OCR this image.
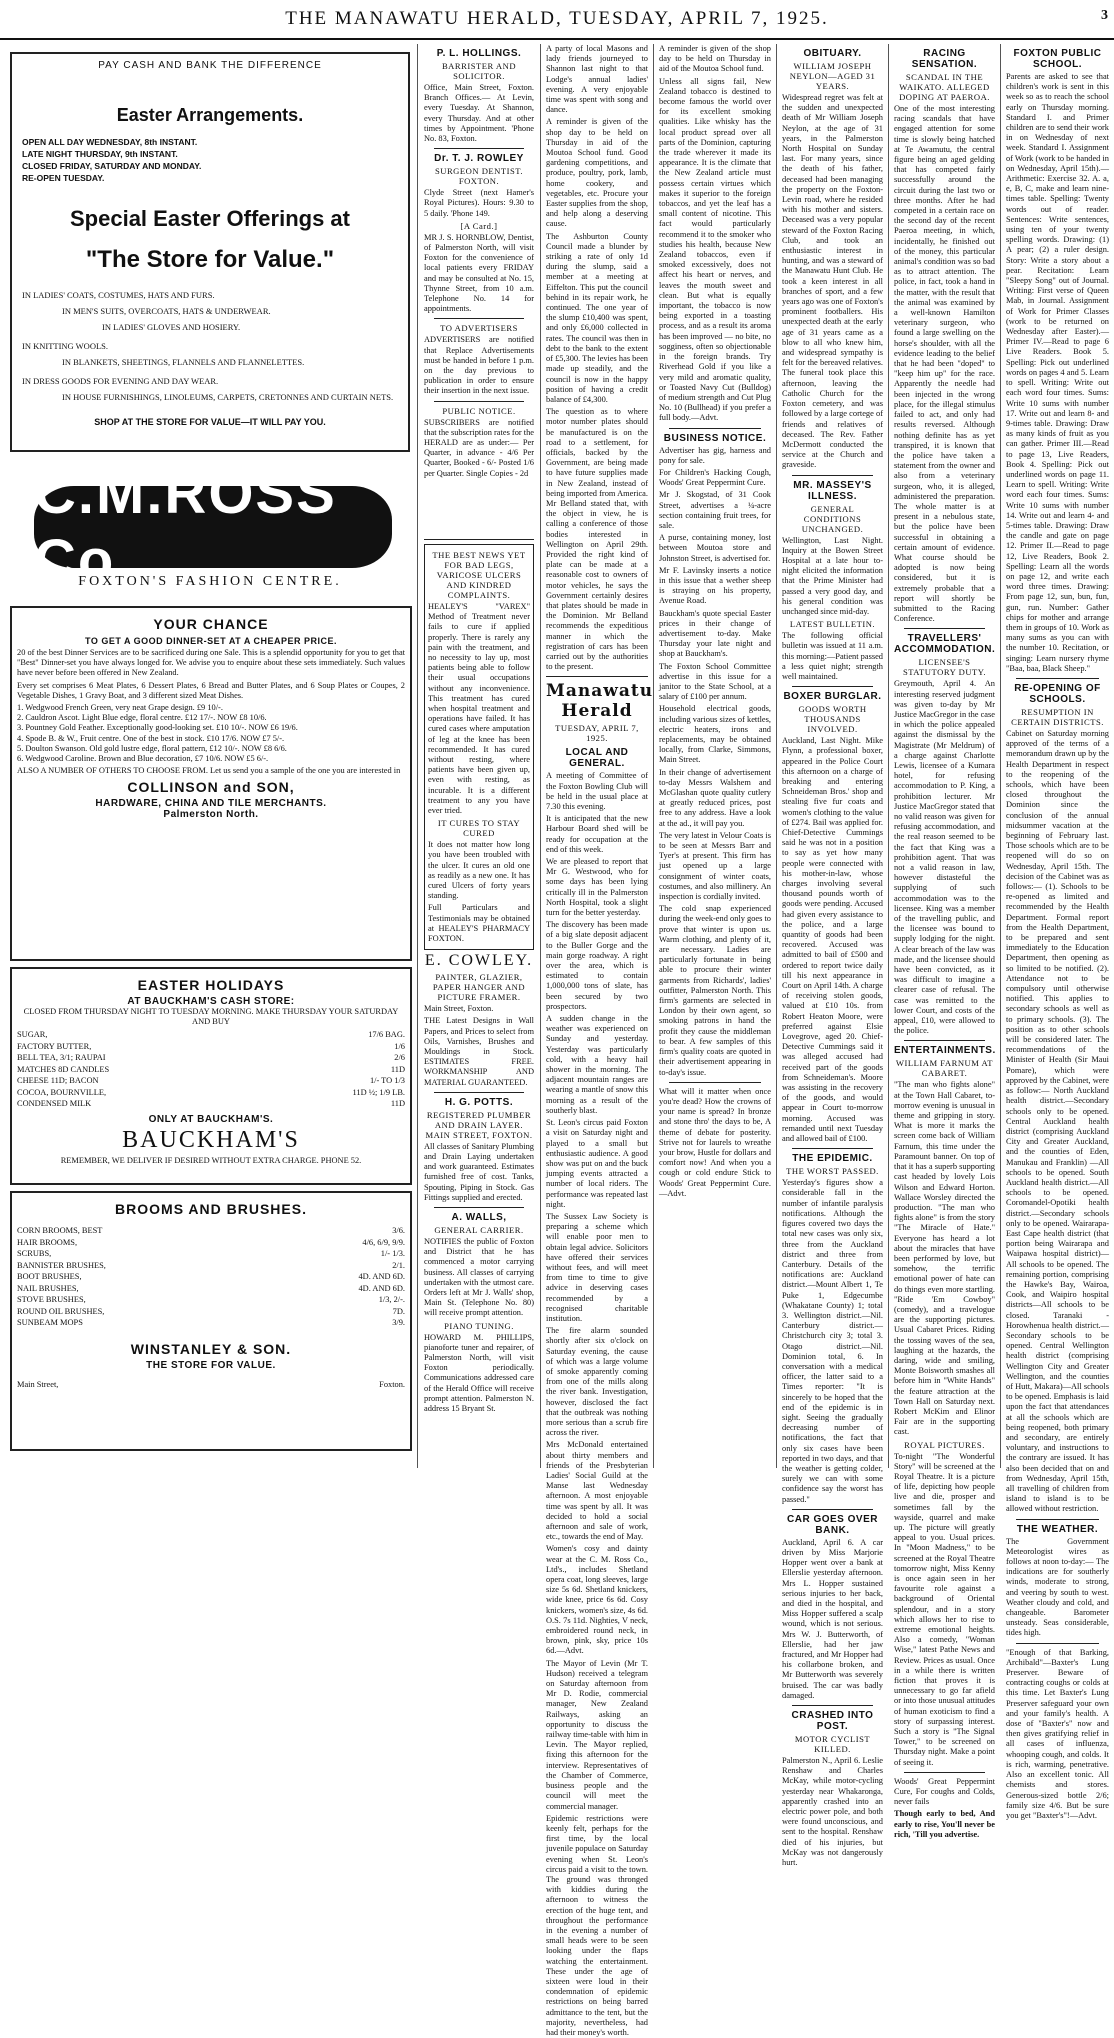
THE MANAWATU HERALD, TUESDAY, APRIL 7, 1925.	3
PAY CASH AND BANK THE DIFFERENCE
Easter Arrangements.
OPEN ALL DAY WEDNESDAY, 8th INSTANT.
LATE NIGHT THURSDAY, 9th INSTANT.
CLOSED FRIDAY, SATURDAY AND MONDAY.
RE-OPEN TUESDAY.
Special Easter Offerings at
"The Store for Value."
IN LADIES' COATS, COSTUMES, HATS AND FURS.
IN MEN'S SUITS, OVERCOATS, HATS & UNDERWEAR.
IN LADIES' GLOVES AND HOSIERY.
IN KNITTING WOOLS.
IN BLANKETS, SHEETINGS, FLANNELS AND FLANNELETTES.
IN DRESS GOODS FOR EVENING AND DAY WEAR.
IN HOUSE FURNISHINGS, LINOLEUMS, CARPETS, CRETONNES AND CURTAIN NETS.
SHOP AT THE STORE FOR VALUE—IT WILL PAY YOU.
C.M.ROSS Co
FOXTON'S FASHION CENTRE.
YOUR CHANCE
TO GET A GOOD DINNER-SET AT A CHEAPER PRICE.

20 of the best Dinner Services are to be sacrificed during one Sale. This is a splendid opportunity for you to get that "Best" Dinner-set you have always longed for. We advise you to enquire about these sets immediately. Such values have never before been offered in New Zealand.

Every set comprises 6 Meat Plates, 6 Dessert Plates, 6 Bread and Butter Plates, and 6 Soup Plates or Coupes, 2 Vegetable Dishes, 1 Gravy Boat, and 3 different sized Meat Dishes.

1. Wedgwood French Green, very neat Grape design. £9 10/-.

2. Cauldron Ascot. Light Blue edge, floral centre. £12 17/-. NOW £8 10/6.

3. Pountney Gold Feather. Exceptionally good-looking set. £10 10/-. NOW £6 19/6.

4. Spode B. & W., Fruit centre. One of the best in stock. £10 17/6. NOW £7 5/-.

5. Doulton Swanson. Old gold lustre edge, floral pattern, £12 10/-. NOW £8 6/6.

6. Wedgwood Caroline. Brown and Blue decoration, £7 10/6. NOW £5 6/-.

ALSO A NUMBER OF OTHERS TO CHOOSE FROM. Let us send you a sample of the one you are interested in

COLLINSON and SON,
HARDWARE, CHINA AND TILE MERCHANTS.
Palmerston North.
EASTER HOLIDAYS
AT BAUCKHAM'S CASH STORE:

CLOSED FROM THURSDAY NIGHT TO TUESDAY MORNING. MAKE THURSDAY YOUR SATURDAY AND BUY

SUGAR,	17/6 BAG.
FACTORY BUTTER,	1/6
BELL TEA, 3/1; RAUPAI	2/6
MATCHES 8D CANDLES	11D
CHEESE 11D; BACON	1/- TO 1/3
COCOA, BOURNVILLE,	11D ½; 1/9 LB.
CONDENSED MILK	11D
ONLY AT BAUCKHAM'S.
BAUCKHAM'S

REMEMBER, WE DELIVER IF DESIRED WITHOUT EXTRA CHARGE. PHONE 52.

BROOMS AND BRUSHES.
CORN BROOMS, BEST	3/6.
HAIR BROOMS,	4/6, 6/9, 9/9.
SCRUBS,	1/- 1/3.
BANNISTER BRUSHES,	2/1.
BOOT BRUSHES,	4D. AND 6D.
NAIL BRUSHES,	4D. AND 6D.
STOVE BRUSHES,	1/3, 2/-.
ROUND OIL BRUSHES,	7D.
SUNBEAM MOPS	3/9.
WINSTANLEY & SON.
THE STORE FOR VALUE.
Main Street,	Foxton.
P. L. HOLLINGS.
BARRISTER AND SOLICITOR.

Office, Main Street, Foxton. Branch Offices.— At Levin, every Tuesday. At Shannon, every Thursday. And at other times by Appointment. 'Phone No. 83, Foxton.

Dr. T. J. ROWLEY
SURGEON DENTIST. FOXTON.

Clyde Street (next Hamer's Royal Pictures). Hours: 9.30 to 5 daily. 'Phone 149.

[A Card.]

MR J. S. HORNBLOW, Dentist, of Palmerston North, will visit Foxton for the convenience of local patients every FRIDAY and may be consulted at No. 15, Thynne Street, from 10 a.m. Telephone No. 14 for appointments.

TO ADVERTISERS

ADVERTISERS are notified that Replace Advertisements must be handed in before 1 p.m. on the day previous to publication in order to ensure their insertion in the next issue.

PUBLIC NOTICE.

SUBSCRIBERS are notified that the subscription rates for the HERALD are as under:— Per Quarter, in advance - 4/6 Per Quarter, Booked - 6/- Posted 1/6 per Quarter. Single Copies - 2d

THE BEST NEWS YET FOR BAD LEGS, VARICOSE ULCERS AND KINDRED COMPLAINTS.

HEALEY'S "VAREX" Method of Treatment never fails to cure if applied properly. There is rarely any pain with the treatment, and no necessity to lay up, most patients being able to follow their usual occupations without any inconvenience. This treatment has cured when hospital treatment and operations have failed. It has cured cases where amputation of leg at the knee has been recommended. It has cured without resting, where patients have been given up, even with resting, as incurable. It is a different treatment to any you have ever tried.

IT CURES TO STAY CURED

It does not matter how long you have been troubled with the ulcer. It cures an old one as readily as a new one. It has cured Ulcers of forty years standing.

Full Particulars and Testimonials may be obtained at HEALEY'S PHARMACY FOXTON.

E. COWLEY.
PAINTER, GLAZIER, PAPER HANGER AND PICTURE FRAMER.

Main Street, Foxton.

THE Latest Designs in Wall Papers, and Prices to select from Oils, Varnishes, Brushes and Mouldings in Stock. ESTIMATES FREE. WORKMANSHIP AND MATERIAL GUARANTEED.

H. G. POTTS.
REGISTERED PLUMBER AND DRAIN LAYER. MAIN STREET, FOXTON.

All classes of Sanitary Plumbing and Drain Laying undertaken and work guaranteed. Estimates furnished free of cost. Tanks, Spouting, Piping in Stock. Gas Fittings supplied and erected.

A. WALLS,
GENERAL CARRIER.

NOTIFIES the public of Foxton and District that he has commenced a motor carrying business. All classes of carrying undertaken with the utmost care. Orders left at Mr J. Walls' shop, Main St. (Telephone No. 80) will receive prompt attention.

PIANO TUNING.

HOWARD M. PHILLIPS, pianoforte tuner and repairer, of Palmerston North, will visit Foxton periodically. Communications addressed care of the Herald Office will receive prompt attention. Palmerston N. address 15 Bryant St.

A party of local Masons and lady friends journeyed to Shannon last night to that Lodge's annual ladies' evening. A very enjoyable time was spent with song and dance.

A reminder is given of the shop day to be held on Thursday in aid of the Moutoa School fund. Good gardening competitions, and produce, poultry, pork, lamb, home cookery, and vegetables, etc. Procure your Easter supplies from the shop, and help along a deserving cause.

The Ashburton County Council made a blunder by striking a rate of only 1d during the slump, said a member at a meeting at Eiffelton. This put the council behind in its repair work, he continued. The one year of the slump £10,400 was spent, and only £6,000 collected in rates. The council was then in debt to the bank to the extent of £5,300. The levies has been made up steadily, and the council is now in the happy position of having a credit balance of £4,300.

The question as to where motor number plates should be manufactured is on the road to a settlement, for officials, backed by the Government, are being made to have future supplies made in New Zealand, instead of being imported from America. Mr Belland stated that, with the object in view, he is calling a conference of those bodies interested in Wellington on April 29th. Provided the right kind of plate can be made at a reasonable cost to owners of motor vehicles, he says the Government certainly desires that plates should be made in the Dominion. Mr Belland recommends the expeditious manner in which the registration of cars has been carried out by the authorities to the present.

Manawatu Herald
TUESDAY, APRIL 7, 1925.
LOCAL AND GENERAL.

A meeting of Committee of the Foxton Bowling Club will be held in the usual place at 7.30 this evening.

It is anticipated that the new Harbour Board shed will be ready for occupation at the end of this week.

We are pleased to report that Mr G. Westwood, who for some days has been lying critically ill in the Palmerston North Hospital, took a slight turn for the better yesterday.

The discovery has been made of a big slate deposit adjacent to the Buller Gorge and the main gorge roadway. A right over the area, which is estimated to contain 1,000,000 tons of slate, has been secured by two prospectors.

A sudden change in the weather was experienced on Sunday and yesterday. Yesterday was particularly cold, with a heavy hail shower in the morning. The adjacent mountain ranges are wearing a mantle of snow this morning as a result of the southerly blast.

St. Leon's circus paid Foxton a visit on Saturday night and played to a small but enthusiastic audience. A good show was put on and the buck jumping events attracted a number of local riders. The performance was repeated last night.

The Sussex Law Society is preparing a scheme which will enable poor men to obtain legal advice. Solicitors have offered their services without fees, and will meet from time to time to give advice in deserving cases recommended by a recognised charitable institution.

The fire alarm sounded shortly after six o'clock on Saturday evening, the cause of which was a large volume of smoke apparently coming from one of the mills along the river bank. Investigation, however, disclosed the fact that the outbreak was nothing more serious than a scrub fire across the river.

Mrs McDonald entertained about thirty members and friends of the Presbyterian Ladies' Social Guild at the Manse last Wednesday afternoon. A most enjoyable time was spent by all. It was decided to hold a social afternoon and sale of work, etc., towards the end of May.

Women's cosy and dainty wear at the C. M. Ross Co., Ltd's., includes Shetland opera coat, long sleeves, large size 5s 6d. Shetland knickers, wide knee, price 6s 6d. Cosy knickers, women's size, 4s 6d. O.S. 7s 11d. Nighties, V neck, embroidered round neck, in brown, pink, sky, price 10s 6d.—Advt.

The Mayor of Levin (Mr T. Hudson) received a telegram on Saturday afternoon from Mr D. Rodie, commercial manager, New Zealand Railways, asking an opportunity to discuss the railway time-table with him in Levin. The Mayor replied, fixing this afternoon for the interview. Representatives of the Chamber of Commerce, business people and the council will meet the commercial manager.

Epidemic restrictions were keenly felt, perhaps for the first time, by the local juvenile populace on Saturday evening when St. Leon's circus paid a visit to the town. The ground was thronged with kiddies during the afternoon to witness the erection of the huge tent, and throughout the performance in the evening a number of small heads were to be seen looking under the flaps watching the entertainment. These under the age of sixteen were loud in their condemnation of epidemic restrictions on being barred admittance to the tent, but the majority, nevertheless, had had their money's worth.

A reminder is given of the shop day to be held on Thursday in aid of the Moutoa School fund.

Unless all signs fail, New Zealand tobacco is destined to become famous the world over for its excellent smoking qualities. Like whisky has the local product spread over all parts of the Dominion, capturing the trade wherever it made its appearance. It is the climate that the New Zealand article must possess certain virtues which makes it superior to the foreign tobaccos, and yet the leaf has a small content of nicotine. This fact would particularly recommend it to the smoker who studies his health, because New Zealand tobaccos, even if smoked excessively, does not affect his heart or nerves, and leaves the mouth sweet and clean. But what is equally important, the tobacco is now being exported in a toasting process, and as a result its aroma has been improved — no bite, no sogginess, often so objectionable in the foreign brands. Try Riverhead Gold if you like a very mild and aromatic quality, or Toasted Navy Cut (Bulldog) of medium strength and Cut Plug No. 10 (Bullhead) if you prefer a full body.—Advt.

BUSINESS NOTICE.

Advertiser has gig, harness and pony for sale.

For Children's Hacking Cough, Woods' Great Peppermint Cure.

Mr J. Skogstad, of 31 Cook Street, advertises a ¼-acre section containing fruit trees, for sale.

A purse, containing money, lost between Moutoa store and Johnston Street, is advertised for.

Mr F. Lavinsky inserts a notice in this issue that a wether sheep is straying on his property, Avenue Road.

Bauckham's quote special Easter prices in their change of advertisement to-day. Make Thursday your late night and shop at Bauckham's.

The Foxton School Committee advertise in this issue for a janitor to the State School, at a salary of £100 per annum.

Household electrical goods, including various sizes of kettles, electric heaters, irons and replacements, may be obtained locally, from Clarke, Simmons, Main Street.

In their change of advertisement to-day Messrs Walshem and McGlashan quote quality cutlery at greatly reduced prices, post free to any address. Have a look at the ad., it will pay you.

The very latest in Velour Coats is to be seen at Messrs Barr and Tyer's at present. This firm has just opened up a large consignment of winter coats, costumes, and also millinery. An inspection is cordially invited.

The cold snap experienced during the week-end only goes to prove that winter is upon us. Warm clothing, and plenty of it, are necessary. Ladies are particularly fortunate in being able to procure their winter garments from Richards', ladies' outfitter, Palmerston North. This firm's garments are selected in London by their own agent, so smoking patrons in hand the profit they cause the middleman to bear. A few samples of this firm's quality coats are quoted in their advertisement appearing in to-day's issue.

What will it matter when once you're dead? How the crowns of your name is spread? In bronze and stone thro' the days to be, A theme of debate for posterity. Strive not for laurels to wreathe your brow, Hustle for dollars and comfort now! And when you a cough or cold endure Stick to Woods' Great Peppermint Cure.—Advt.

OBITUARY.
WILLIAM JOSEPH NEYLON—AGED 31 YEARS.

Widespread regret was felt at the sudden and unexpected death of Mr William Joseph Neylon, at the age of 31 years, in the Palmerston North Hospital on Sunday last. For many years, since the death of his father, deceased had been managing the property on the Foxton-Levin road, where he resided with his mother and sisters. Deceased was a very popular steward of the Foxton Racing Club, and took an enthusiastic interest in hunting, and was a steward of the Manawatu Hunt Club. He took a keen interest in all branches of sport, and a few years ago was one of Foxton's prominent footballers. His unexpected death at the early age of 31 years came as a blow to all who knew him, and widespread sympathy is felt for the bereaved relatives. The funeral took place this afternoon, leaving the Catholic Church for the Foxton cemetery, and was followed by a large cortege of friends and relatives of deceased. The Rev. Father McDermott conducted the service at the Church and graveside.

MR. MASSEY'S ILLNESS.
GENERAL CONDITIONS UNCHANGED.

Wellington, Last Night. Inquiry at the Bowen Street Hospital at a late hour to-night elicited the information that the Prime Minister had passed a very good day, and his general condition was unchanged since mid-day.

LATEST BULLETIN.

The following official bulletin was issued at 11 a.m. this morning:—Patient passed a less quiet night; strength well maintained.

BOXER BURGLAR.
GOODS WORTH THOUSANDS INVOLVED.

Auckland, Last Night. Mike Flynn, a professional boxer, appeared in the Police Court this afternoon on a charge of breaking and entering Schneideman Bros.' shop and stealing five fur coats and women's clothing to the value of £274. Bail was applied for. Chief-Detective Cummings said he was not in a position to say as yet how many people were connected with his mother-in-law, whose charges involving several thousand pounds worth of goods were pending. Accused had given every assistance to the police, and a large quantity of goods had been recovered. Accused was admitted to bail of £500 and ordered to report twice daily till his next appearance in Court on April 14th. A charge of receiving stolen goods, valued at £10 10s. from Robert Heaton Moore, were preferred against Elsie Lovegrove, aged 20. Chief-Detective Cummings said it was alleged accused had received part of the goods from Schneideman's. Moore was assisting in the recovery of the goods, and would appear in Court to-morrow morning. Accused was remanded until next Tuesday and allowed bail of £100.

THE EPIDEMIC.
THE WORST PASSED.

Yesterday's figures show a considerable fall in the number of infantile paralysis notifications. Although the figures covered two days the total new cases was only six, three from the Auckland district and three from Canterbury. Details of the notifications are: Auckland district.—Mount Albert 1, Te Puke 1, Edgecumbe (Whakatane County) 1; total 3. Wellington district.—Nil. Canterbury district.— Christchurch city 3; total 3. Otago district.—Nil. Dominion total, 6. In conversation with a medical officer, the latter said to a Times reporter: "It is sincerely to be hoped that the end of the epidemic is in sight. Seeing the gradually decreasing number of notifications, the fact that only six cases have been reported in two days, and that the weather is getting colder, surely we can with some confidence say the worst has passed."

CAR GOES OVER BANK.

Auckland, April 6. A car driven by Miss Marjorie Hopper went over a bank at Ellerslie yesterday afternoon. Mrs L. Hopper sustained serious injuries to her back, and died in the hospital, and Miss Hopper suffered a scalp wound, which is not serious. Mrs W. J. Butterworth, of Ellerslie, had her jaw fractured, and Mr Hopper had his collarbone broken, and Mr Butterworth was severely bruised. The car was badly damaged.

CRASHED INTO POST.
MOTOR CYCLIST KILLED.

Palmerston N., April 6. Leslie Renshaw and Charles McKay, while motor-cycling yesterday near Whakaronga, apparently crashed into an electric power pole, and both were found unconscious, and sent to the hospital. Renshaw died of his injuries, but McKay was not dangerously hurt.

RACING SENSATION.
SCANDAL IN THE WAIKATO. ALLEGED DOPING AT PAEROA.

One of the most interesting racing scandals that have engaged attention for some time is slowly being hatched at Te Awamutu, the central figure being an aged gelding that has competed fairly successfully around the circuit during the last two or three months. After he had competed in a certain race on the second day of the recent Paeroa meeting, in which, incidentally, he finished out of the money, this particular animal's condition was so bad as to attract attention. The police, in fact, took a hand in the matter, with the result that the animal was examined by a well-known Hamilton veterinary surgeon, who found a large swelling on the horse's shoulder, with all the evidence leading to the belief that he had been "doped" to "keep him up" for the race. Apparently the needle had been injected in the wrong place, for the illegal stimulus failed to act, and only had results reversed. Although nothing definite has as yet transpired, it is known that the police have taken a statement from the owner and also from a veterinary surgeon, who, it is alleged, administered the preparation. The whole matter is at present in a nebulous state, but the police have been successful in obtaining a certain amount of evidence. What course should be adopted is now being considered, but it is extremely probable that a report will shortly be submitted to the Racing Conference.

TRAVELLERS' ACCOMMODATION.
LICENSEE'S STATUTORY DUTY.

Greymouth, April 4. An interesting reserved judgment was given to-day by Mr Justice MacGregor in the case in which the police appealed against the dismissal by the Magistrate (Mr Meldrum) of a charge against Charlotte Lewis, licensee of a Kumara hotel, for refusing accommodation to P. King, a prohibition lecturer. Mr Justice MacGregor stated that no valid reason was given for refusing accommodation, and the real reason seemed to be the fact that King was a prohibition agent. That was not a valid reason in law, however distasteful the supplying of such accommodation was to the licensee. King was a member of the travelling public, and the licensee was bound to supply lodging for the night. A clear breach of the law was made, and the licensee should have been convicted, as it was difficult to imagine a clearer case of refusal. The case was remitted to the lower Court, and costs of the appeal, £10, were allowed to the police.

ENTERTAINMENTS.
WILLIAM FARNUM AT CABARET.

"The man who fights alone" at the Town Hall Cabaret, to-morrow evening is unusual in theme and gripping in story. What is more it marks the screen come back of William Farnum, this time under the Paramount banner. On top of that it has a superb supporting cast headed by lovely Lois Wilson and Edward Horton. Wallace Worsley directed the production. "The man who fights alone" is from the story "The Miracle of Hate." Everyone has heard a lot about the miracles that have been performed by love, but somehow, the terrific emotional power of hate can do things even more startling. "Ride 'Em Cowboy" (comedy), and a travelogue are the supporting pictures. Usual Cabaret Prices. Riding the tossing waves of the sea, laughing at the hazards, the daring, wide and smiling, Monte Boisworth smashes all before him in "White Hands" the feature attraction at the Town Hall on Saturday next. Robert McKim and Elinor Fair are in the supporting cast.

ROYAL PICTURES.

To-night "The Wonderful Story" will be screened at the Royal Theatre. It is a picture of life, depicting how people live and die, prosper and sometimes fall by the wayside, quarrel and make up. The picture will greatly appeal to you. Usual prices. In "Moon Madness," to be screened at the Royal Theatre tomorrow night, Miss Kenny is once again seen in her favourite role against a background of Oriental splendour, and in a story which allows her to rise to extreme emotional heights. Also a comedy, "Woman Wise," latest Pathe News and Review. Prices as usual. Once in a while there is written fiction that proves it is unnecessary to go far afield or into those unusual attitudes of human exoticism to find a story of surpassing interest. Such a story is "The Signal Tower," to be screened on Thursday night. Make a point of seeing it.

Woods' Great Peppermint Cure, For coughs and Colds, never fails

Though early to bed, And early to rise, You'll never be rich, 'Till you advertise.

FOXTON PUBLIC SCHOOL.

Parents are asked to see that children's work is sent in this week so as to reach the school early on Thursday morning. Standard I. and Primer children are to send their work in on Wednesday of next week. Standard I. Assignment of Work (work to be handed in on Wednesday, April 15th).—Arithmetic: Exercise 32. A. a, e, B, C, make and learn nine-times table. Spelling: Twenty words out of reader. Sentences: Write sentences, using ten of your twenty spelling words. Drawing: (1) A pear; (2) a ruler design. Story: Write a story about a pear. Recitation: Learn "Sleepy Song" out of Journal. Writing: First verse of Queen Mab, in Journal. Assignment of Work for Primer Classes (work to be returned on Wednesday after Easter).—Primer IV.—Read to page 6 Live Readers. Book 5. Spelling: Pick out underlined words on pages 4 and 5. Learn to spell. Writing: Write out each word four times. Sums: Write 10 sums with number 17. Write out and learn 8- and 9-times table. Drawing: Draw as many kinds of fruit as you can gather. Primer III.—Read to page 13, Live Readers, Book 4. Spelling: Pick out underlined words on page 11. Learn to spell. Writing: Write word each four times. Sums: Write 10 sums with number 14. Write out and learn 4- and 5-times table. Drawing: Draw the candle and gate on page 12. Primer II.—Read to page 12, Live Readers, Book 2. Spelling: Learn all the words on page 12, and write each word three times. Drawing: From page 12, sun, bun, fun, gun, run. Number: Gather chips for mother and arrange them in groups of 10. Work as many sums as you can with the number 10. Recitation, or singing: Learn nursery rhyme "Baa, baa, Black Sheep."

RE-OPENING OF SCHOOLS.
RESUMPTION IN CERTAIN DISTRICTS.

Cabinet on Saturday morning approved of the terms of a memorandum drawn up by the Health Department in respect to the reopening of the schools, which have been closed throughout the Dominion since the conclusion of the annual midsummer vacation at the beginning of February last. Those schools which are to be reopened will do so on Wednesday, April 15th. The decision of the Cabinet was as follows:— (1). Schools to be re-opened as limited and recommended by the Health Department. Formal report from the Health Department, to be prepared and sent immediately to the Education Department, then opening as so limited to be notified. (2). Attendance not to be compulsory until otherwise notified. This applies to secondary schools as well as to primary schools. (3). The position as to other schools will be considered later. The recommendations of the Minister of Health (Sir Maui Pomare), which were approved by the Cabinet, were as follow:— North Auckland health district.—Secondary schools only to be opened. Central Auckland health district (comprising Auckland City and Greater Auckland, and the counties of Eden, Manukau and Franklin) —All schools to be opened. South Auckland health district.—All schools to be opened. Coromandel-Opotiki health district.—Secondary schools only to be opened. Wairarapa-East Cape health district (that portion being Wairarapa and Waipawa hospital district)—All schools to be opened. The remaining portion, comprising the Hawke's Bay, Wairoa, Cook, and Waipiro hospital districts—All schools to be closed. Taranaki - Horowhenua health district.—Secondary schools to be opened. Central Wellington health district (comprising Wellington City and Greater Wellington, and the counties of Hutt, Makara)—All schools to be opened. Emphasis is laid upon the fact that attendances at all the schools which are being reopened, both primary and secondary, are entirely voluntary, and instructions to the contrary are issued. It has also been decided that on and from Wednesday, April 15th, all travelling of children from island to island is to be allowed without restriction.

THE WEATHER.

The Government Meteorologist wires as follows at noon to-day:— The indications are for southerly winds, moderate to strong, and veering by south to west. Weather cloudy and cold, and changeable. Barometer unsteady. Seas considerable, tides high.

"Enough of that Barking, Archibald"—Baxter's Lung Preserver. Beware of contracting coughs or colds at this time. Let Baxter's Lung Preserver safeguard your own and your family's health. A dose of "Baxter's" now and then gives gratifying relief in all cases of influenza, whooping cough, and colds. It is rich, warming, penetrative. Also an excellent tonic. All chemists and stores. Generous-sized bottle 2/6; family size 4/6. But be sure you get "Baxter's"!—Advt.
